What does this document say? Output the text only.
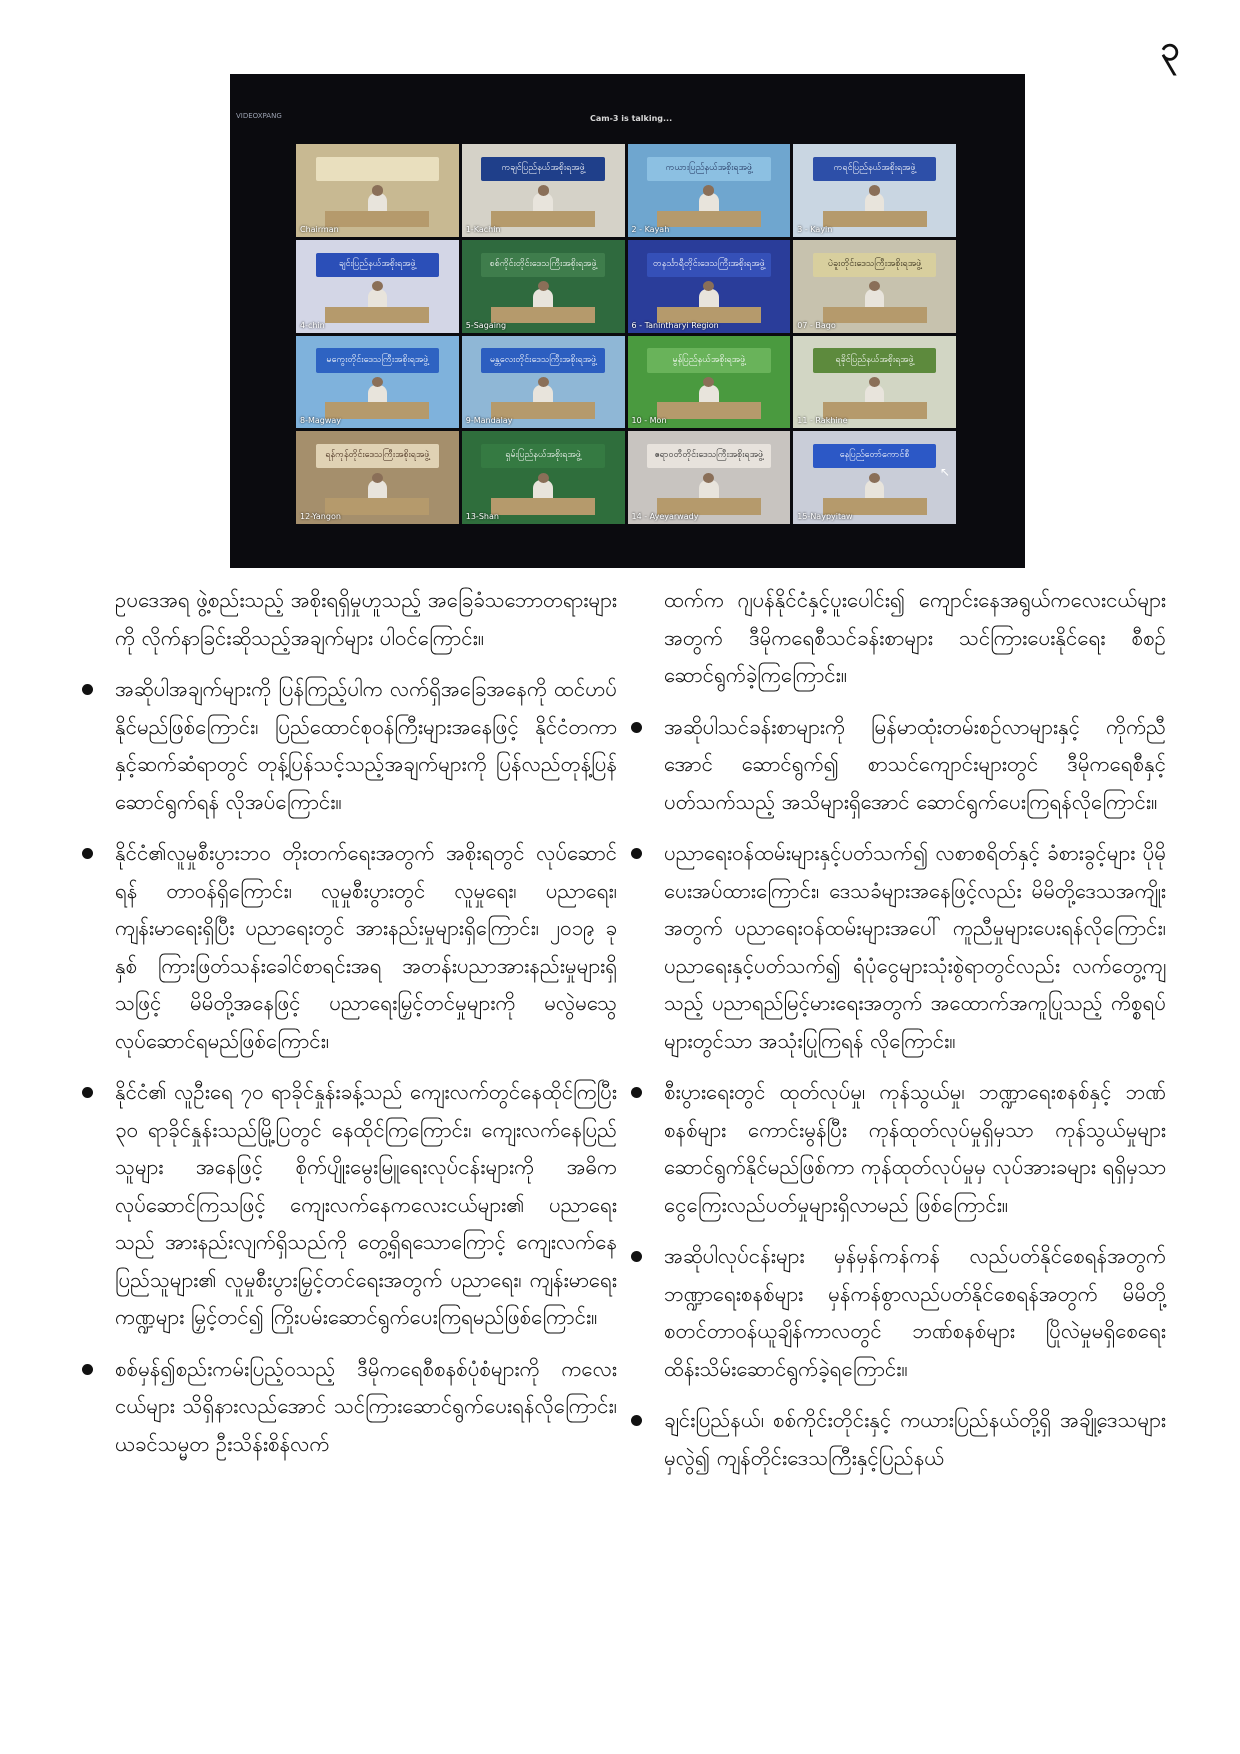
၃
VIDEOXPANG	Cam-3 is talking...
Chairman
ကချင်ပြည်နယ်အစိုးရအဖွဲ့
1-Kachin
ကယားပြည်နယ်အစိုးရအဖွဲ့
2 - Kayah
ကရင်ပြည်နယ်အစိုးရအဖွဲ့
3 - Kayin
ချင်းပြည်နယ်အစိုးရအဖွဲ့
4-chin
စစ်ကိုင်းတိုင်းဒေသကြီးအစိုးရအဖွဲ့
5-Sagaing
တနင်္သာရီတိုင်းဒေသကြီးအစိုးရအဖွဲ့
6 - Tanintharyi Region
ပဲခူးတိုင်းဒေသကြီးအစိုးရအဖွဲ့
07 - Bago
မကွေးတိုင်းဒေသကြီးအစိုးရအဖွဲ့
8-Magway
မန္တလေးတိုင်းဒေသကြီးအစိုးရအဖွဲ့
9-Mandalay
မွန်ပြည်နယ်အစိုးရအဖွဲ့
10 - Mon
ရခိုင်ပြည်နယ်အစိုးရအဖွဲ့
11 - Rakhine
ရန်ကုန်တိုင်းဒေသကြီးအစိုးရအဖွဲ့
12-Yangon
ရှမ်းပြည်နယ်အစိုးရအဖွဲ့
13-Shan
ဧရာဝတီတိုင်းဒေသကြီးအစိုးရအဖွဲ့
14 - Ayeyarwady
နေပြည်တော်ကောင်စီ
15-Naypyitaw
↖
ဥပဒေအရ ဖွဲ့စည်းသည့် အစိုးရရှိမှုဟူသည့် အခြေခံသဘောတရားများကို လိုက်နာခြင်းဆိုသည့်အချက်များ ပါဝင်ကြောင်း။
အဆိုပါအချက်များကို ပြန်ကြည့်ပါက လက်ရှိအခြေအနေကို ထင်ဟပ်နိုင်မည်ဖြစ်ကြောင်း၊ ပြည်ထောင်စုဝန်ကြီးများအနေဖြင့် နိုင်ငံတကာနှင့်ဆက်ဆံရာတွင် တုန့်ပြန်သင့်သည့်အချက်များကို ပြန်လည်တုန့်ပြန်ဆောင်ရွက်ရန် လိုအပ်ကြောင်း။
နိုင်ငံ၏လူမှုစီးပွားဘဝ တိုးတက်ရေးအတွက် အစိုးရတွင် လုပ်ဆောင်ရန် တာဝန်ရှိကြောင်း၊ လူမှုစီးပွားတွင် လူမှုရေး၊ ပညာရေး၊ ကျန်းမာရေးရှိပြီး ပညာရေးတွင် အားနည်းမှုများရှိကြောင်း၊ ၂၀၁၉ ခုနှစ် ကြားဖြတ်သန်းခေါင်စာရင်းအရ အတန်းပညာအားနည်းမှုများရှိသဖြင့် မိမိတို့အနေဖြင့် ပညာရေးမြှင့်တင်မှုများကို မလွဲမသွေလုပ်ဆောင်ရမည်ဖြစ်ကြောင်း၊
နိုင်ငံ၏ လူဦးရေ ၇၀ ရာခိုင်နှုန်းခန့်သည် ကျေးလက်တွင်နေထိုင်ကြပြီး ၃၀ ရာခိုင်နှုန်းသည်မြို့ပြတွင် နေထိုင်ကြကြောင်း၊ ကျေးလက်နေပြည်သူများ အနေဖြင့် စိုက်ပျိုးမွေးမြူရေးလုပ်ငန်းများကို အဓိကလုပ်ဆောင်ကြသဖြင့် ကျေးလက်နေကလေးငယ်များ၏ ပညာရေးသည် အားနည်းလျက်ရှိသည်ကို တွေ့ရှိရသောကြောင့် ကျေးလက်နေပြည်သူများ၏ လူမှုစီးပွားမြှင့်တင်ရေးအတွက် ပညာရေး၊ ကျန်းမာရေးကဏ္ဍများ မြှင့်တင်၍ ကြိုးပမ်းဆောင်ရွက်ပေးကြရမည်ဖြစ်ကြောင်း။
စစ်မှန်၍စည်းကမ်းပြည့်ဝသည့် ဒီမိုကရေစီစနစ်ပုံစံများကို ကလေးငယ်များ သိရှိနားလည်အောင် သင်ကြားဆောင်ရွက်ပေးရန်လိုကြောင်း၊ ယခင်သမ္မတ ဦးသိန်းစိန်လက်
ထက်က ဂျပန်နိုင်ငံနှင့်ပူးပေါင်း၍ ကျောင်းနေအရွယ်ကလေးငယ်များအတွက် ဒီမိုကရေစီသင်ခန်းစာများ သင်ကြားပေးနိုင်ရေး စီစဉ်ဆောင်ရွက်ခဲ့ကြကြောင်း။
အဆိုပါသင်ခန်းစာများကို မြန်မာထုံးတမ်းစဉ်လာများနှင့် ကိုက်ညီအောင် ဆောင်ရွက်၍ စာသင်ကျောင်းများတွင် ဒီမိုကရေစီနှင့်ပတ်သက်သည့် အသိများရှိအောင် ဆောင်ရွက်ပေးကြရန်လိုကြောင်း။
ပညာရေးဝန်ထမ်းများနှင့်ပတ်သက်၍ လစာစရိတ်နှင့် ခံစားခွင့်များ ပိုမိုပေးအပ်ထားကြောင်း၊ ဒေသခံများအနေဖြင့်လည်း မိမိတို့ဒေသအကျိုးအတွက် ပညာရေးဝန်ထမ်းများအပေါ် ကူညီမှုများပေးရန်လိုကြောင်း၊ ပညာရေးနှင့်ပတ်သက်၍ ရံပုံငွေများသုံးစွဲရာတွင်လည်း လက်တွေ့ကျသည့် ပညာရည်မြင့်မားရေးအတွက် အထောက်အကူပြုသည့် ကိစ္စရပ်များတွင်သာ အသုံးပြုကြရန် လိုကြောင်း။
စီးပွားရေးတွင် ထုတ်လုပ်မှု၊ ကုန်သွယ်မှု၊ ဘဏ္ဍာရေးစနစ်နှင့် ဘဏ်စနစ်များ ကောင်းမွန်ပြီး ကုန်ထုတ်လုပ်မှုရှိမှသာ ကုန်သွယ်မှုများဆောင်ရွက်နိုင်မည်ဖြစ်ကာ ကုန်ထုတ်လုပ်မှုမှ လုပ်အားခများ ရရှိမှသာ ငွေကြေးလည်ပတ်မှုများရှိလာမည် ဖြစ်ကြောင်း။
အဆိုပါလုပ်ငန်းများ မှန်မှန်ကန်ကန် လည်ပတ်နိုင်စေရန်အတွက် ဘဏ္ဍာရေးစနစ်များ မှန်ကန်စွာလည်ပတ်နိုင်စေရန်အတွက် မိမိတို့စတင်တာဝန်ယူချိန်ကာလတွင် ဘဏ်စနစ်များ ပြိုလဲမှုမရှိစေရေး ထိန်းသိမ်းဆောင်ရွက်ခဲ့ရကြောင်း။
ချင်းပြည်နယ်၊ စစ်ကိုင်းတိုင်းနှင့် ကယားပြည်နယ်တို့ရှိ အချို့ဒေသများမှလွဲ၍ ကျန်တိုင်းဒေသကြီးနှင့်ပြည်နယ်
